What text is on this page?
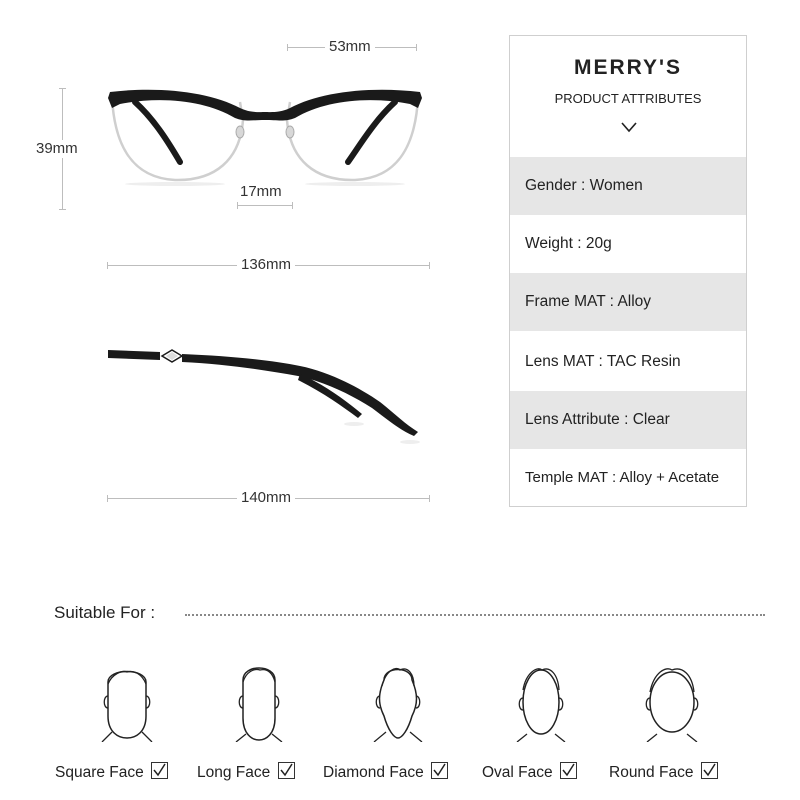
53mm
39mm
17mm
136mm
140mm
MERRY'S
PRODUCT ATTRIBUTES
Gender : Women
Weight : 20g
Frame MAT : Alloy
Lens MAT : TAC Resin
Lens Attribute : Clear
Temple MAT : Alloy + Acetate
Suitable For :
Square Face	Long Face	Diamond Face	Oval Face	Round Face
